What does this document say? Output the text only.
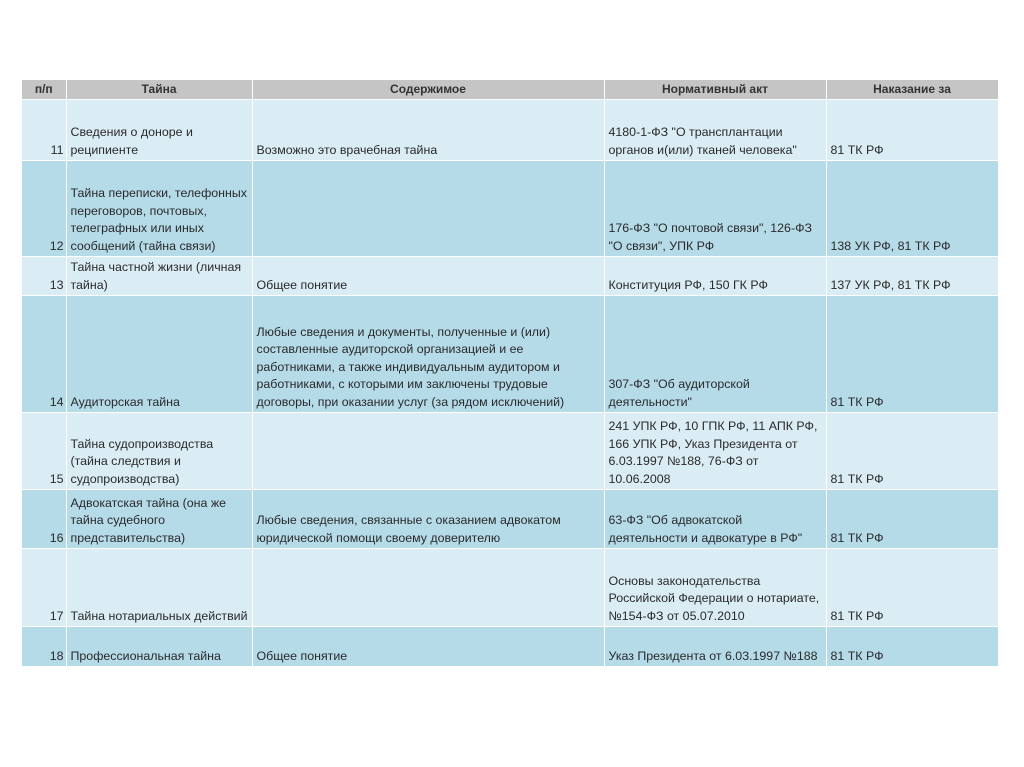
п/п	Тайна	Содержимое	Нормативный акт	Наказание за
11	Сведения о доноре и реципиенте	Возможно это врачебная тайна	4180-1-ФЗ "О трансплантации органов и(или) тканей человека"	81 ТК РФ
12	Тайна переписки, телефонных переговоров, почтовых, телеграфных или иных сообщений (тайна связи)		176-ФЗ "О почтовой связи", 126-ФЗ "О связи", УПК РФ	138 УК РФ, 81 ТК РФ
13	Тайна частной жизни (личная тайна)	Общее понятие	Конституция РФ, 150 ГК РФ	137 УК РФ, 81 ТК РФ
14	Аудиторская тайна	Любые сведения и документы, полученные и (или) составленные аудиторской организацией и ее работниками, а также индивидуальным аудитором и работниками, с которыми им заключены трудовые договоры, при оказании услуг (за рядом исключений)	307-ФЗ "Об аудиторской деятельности"	81 ТК РФ
15	Тайна судопроизводства (тайна следствия и судопроизводства)		241 УПК РФ, 10 ГПК РФ, 11 АПК РФ, 166 УПК РФ, Указ Президента от 6.03.1997 №188, 76-ФЗ от 10.06.2008	81 ТК РФ
16	Адвокатская тайна (она же тайна судебного представительства)	Любые сведения, связанные с оказанием адвокатом юридической помощи своему доверителю	63-ФЗ "Об адвокатской деятельности и адвокатуре в РФ"	81 ТК РФ
17	Тайна нотариальных действий		Основы законодательства Российской Федерации о нотариате, №154-ФЗ от 05.07.2010	81 ТК РФ
18	Профессиональная тайна	Общее понятие	Указ Президента от 6.03.1997 №188	81 ТК РФ
